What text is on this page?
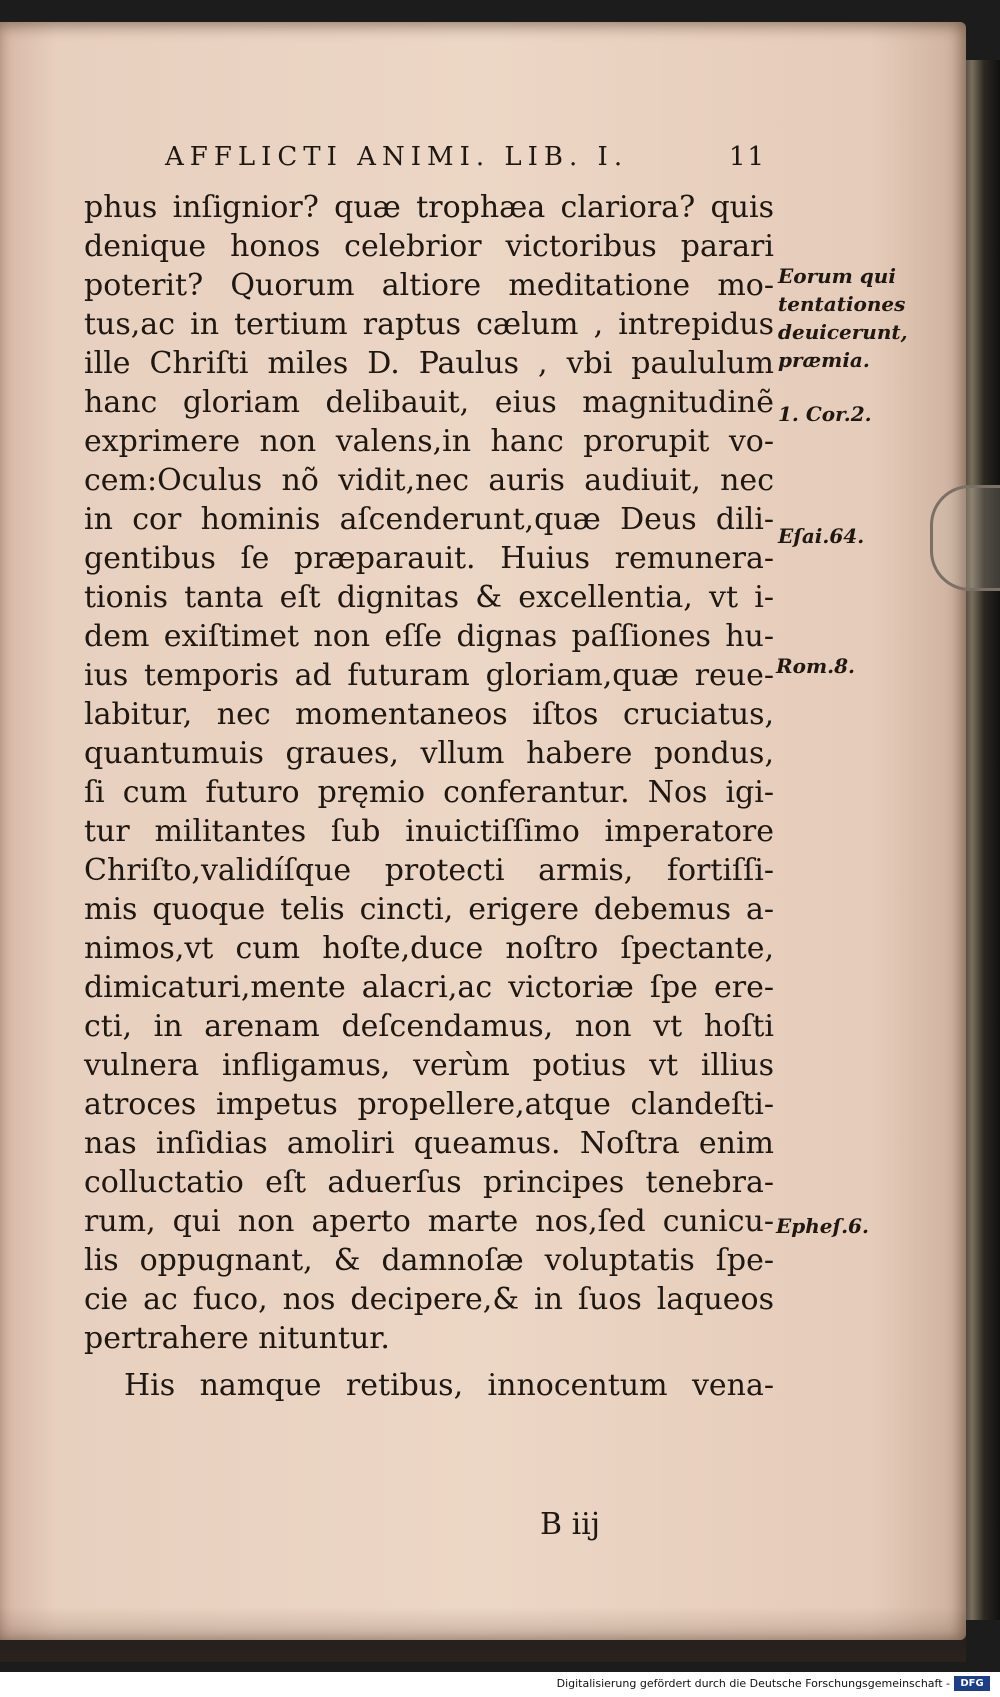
AFFLICTI ANIMI. LIB. I.	11
phus inſignior? quæ trophæa clariora? quis
denique honos celebrior victoribus parari
poterit? Quorum altiore meditatione mo-
tus,ac in tertium raptus cælum , intrepidus
ille Chriſti miles D. Paulus , vbi paululum
hanc gloriam delibauit, eius magnitudinẽ
exprimere non valens,in hanc prorupit vo-
cem:Oculus nõ vidit,nec auris audiuit, nec
in cor hominis aſcenderunt,quæ Deus dili-
gentibus ſe præparauit. Huius remunera-
tionis tanta eſt dignitas & excellentia, vt i-
dem exiſtimet non eſſe dignas paſſiones hu-
ius temporis ad futuram gloriam,quæ reue-
labitur, nec momentaneos iſtos cruciatus,
quantumuis graues, vllum habere pondus,
ſi cum futuro pręmio conferantur. Nos igi-
tur militantes ſub inuictiſſimo imperatore
Chriſto,validíſque protecti armis, fortiſſi-
mis quoque telis cincti, erigere debemus a-
nimos,vt cum hoſte,duce noſtro ſpectante,
dimicaturi,mente alacri,ac victoriæ ſpe ere-
cti, in arenam deſcendamus, non vt hoſti
vulnera infligamus, verùm potius vt illius
atroces impetus propellere,atque clandeſti-
nas inſidias amoliri queamus. Noſtra enim
colluctatio eſt aduerſus principes tenebra-
rum, qui non aperto marte nos,ſed cunicu-
lis oppugnant, & damnoſæ voluptatis ſpe-
cie ac fuco, nos decipere,& in ſuos laqueos
pertrahere nituntur.
His namque retibus, innocentum vena-
B iij
Eorum qui
tentationes
deuicerunt,
præmia.
1. Cor.2.
Eſai.64.
Rom.8.
Epheſ.6.
Digitalisierung gefördert durch die Deutsche Forschungsgemeinschaft -	DFG
